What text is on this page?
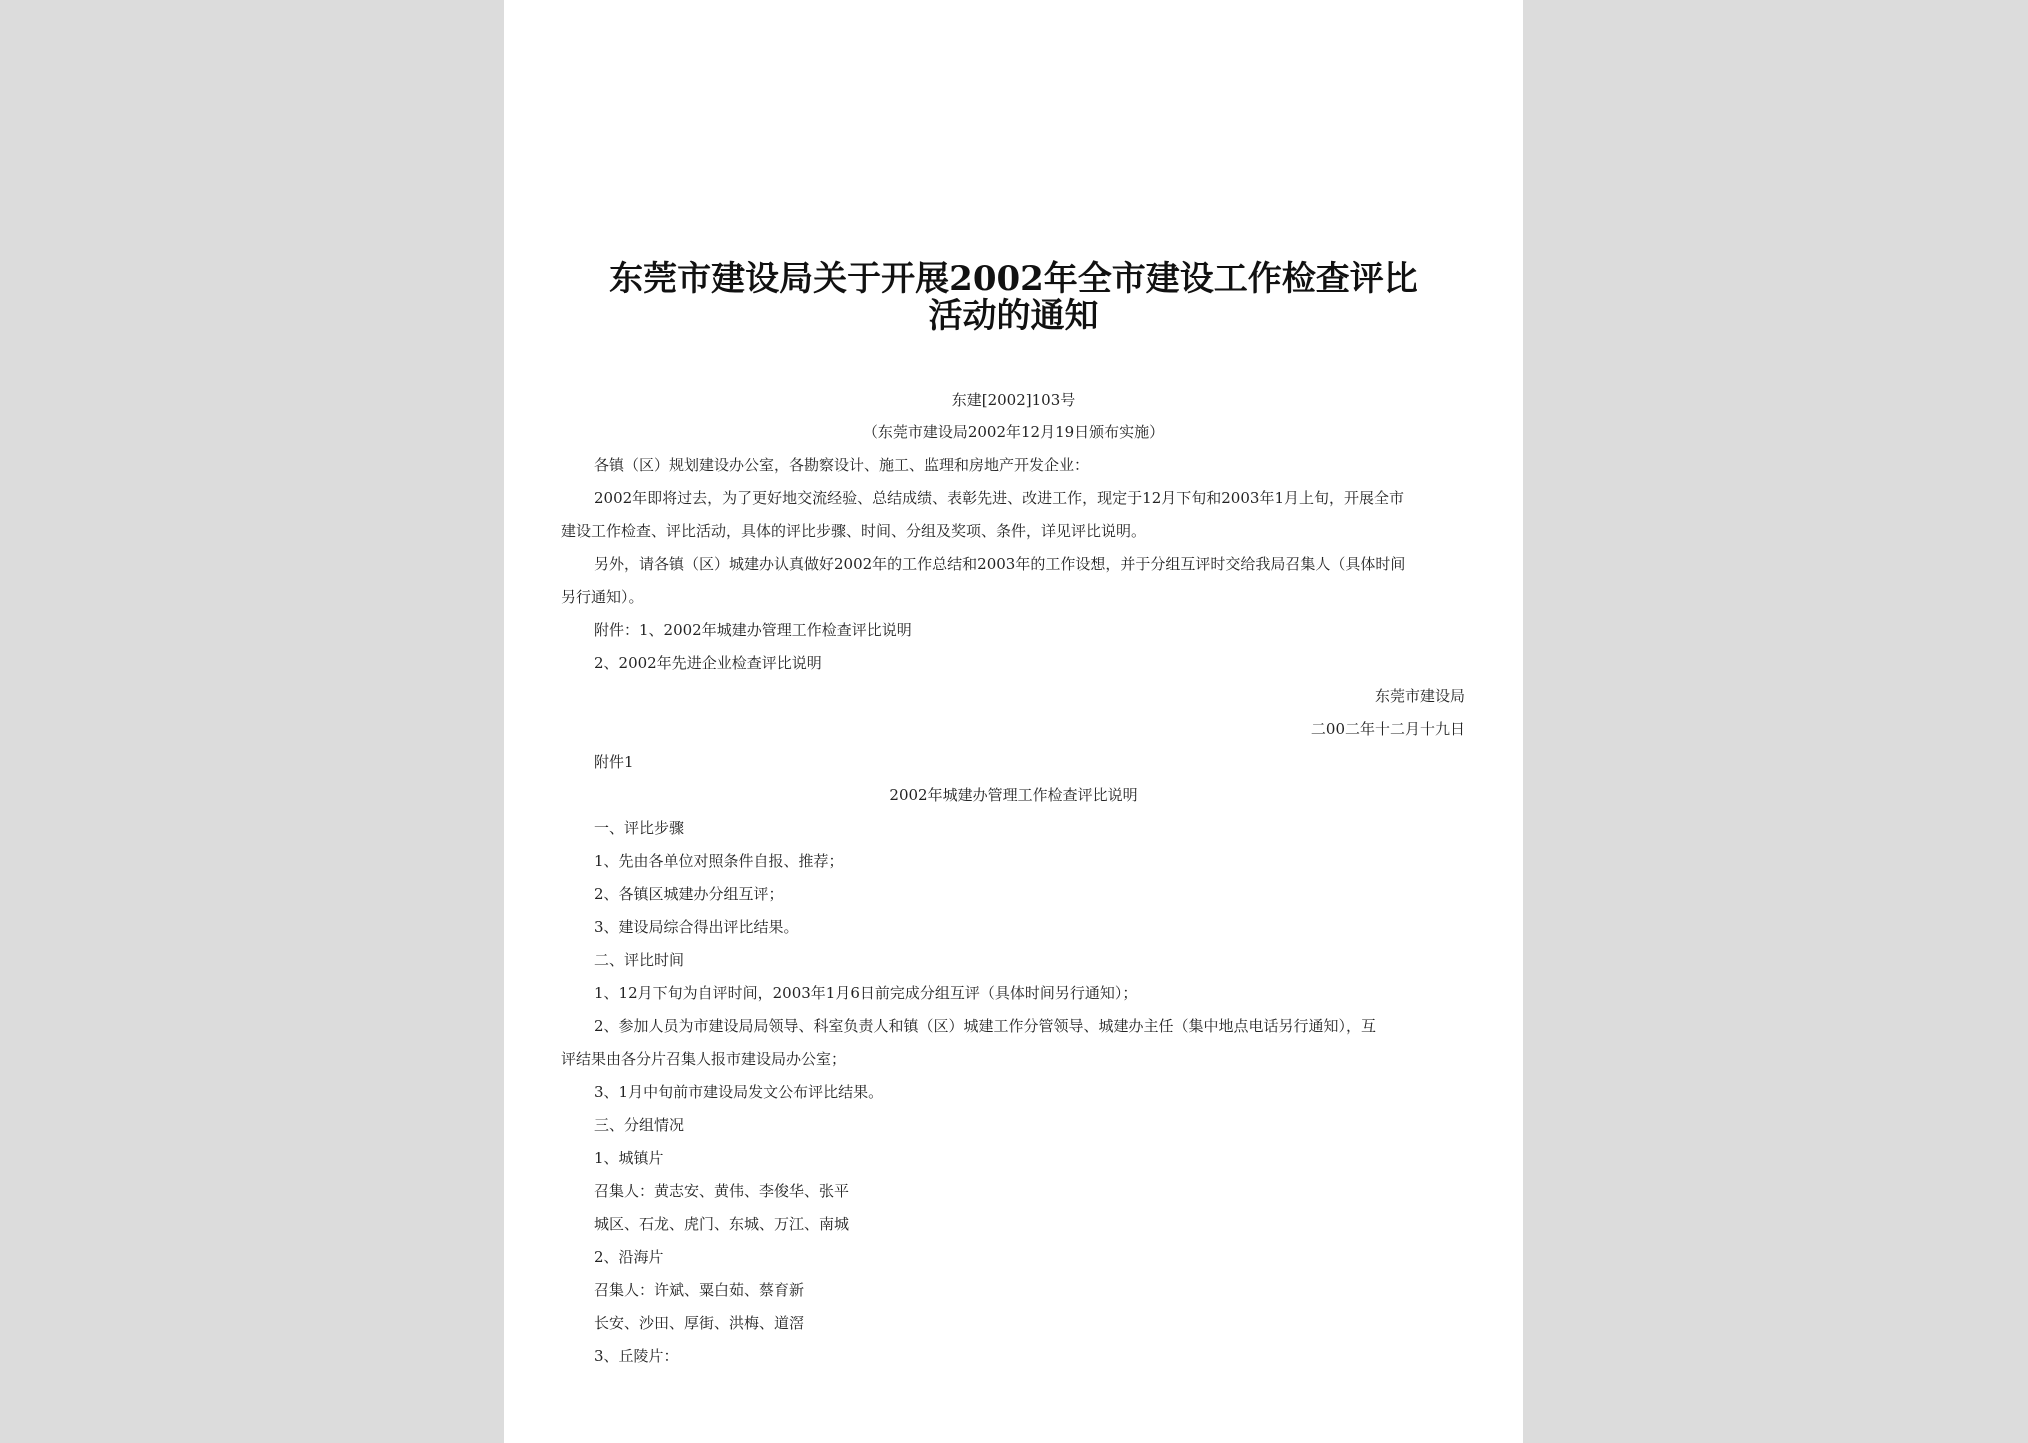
东莞市建设局关于开展2002年全市建设工作检查评比
活动的通知
东建[2002]103号
（东莞市建设局2002年12月19日颁布实施）
各镇（区）规划建设办公室，各勘察设计、施工、监理和房地产开发企业：
2002年即将过去，为了更好地交流经验、总结成绩、表彰先进、改进工作，现定于12月下旬和2003年1月上旬，开展全市
建设工作检查、评比活动，具体的评比步骤、时间、分组及奖项、条件，详见评比说明。
另外，请各镇（区）城建办认真做好2002年的工作总结和2003年的工作设想，并于分组互评时交给我局召集人（具体时间
另行通知）。
附件：1、2002年城建办管理工作检查评比说明
2、2002年先进企业检查评比说明
东莞市建设局
二00二年十二月十九日
附件1
2002年城建办管理工作检查评比说明
一、评比步骤
1、先由各单位对照条件自报、推荐；
2、各镇区城建办分组互评；
3、建设局综合得出评比结果。
二、评比时间
1、12月下旬为自评时间，2003年1月6日前完成分组互评（具体时间另行通知）；
2、参加人员为市建设局局领导、科室负责人和镇（区）城建工作分管领导、城建办主任（集中地点电话另行通知），互
评结果由各分片召集人报市建设局办公室；
3、1月中旬前市建设局发文公布评比结果。
三、分组情况
1、城镇片
召集人：黄志安、黄伟、李俊华、张平
城区、石龙、虎门、东城、万江、南城
2、沿海片
召集人：许斌、粟白茹、蔡育新
长安、沙田、厚街、洪梅、道滘
3、丘陵片：
